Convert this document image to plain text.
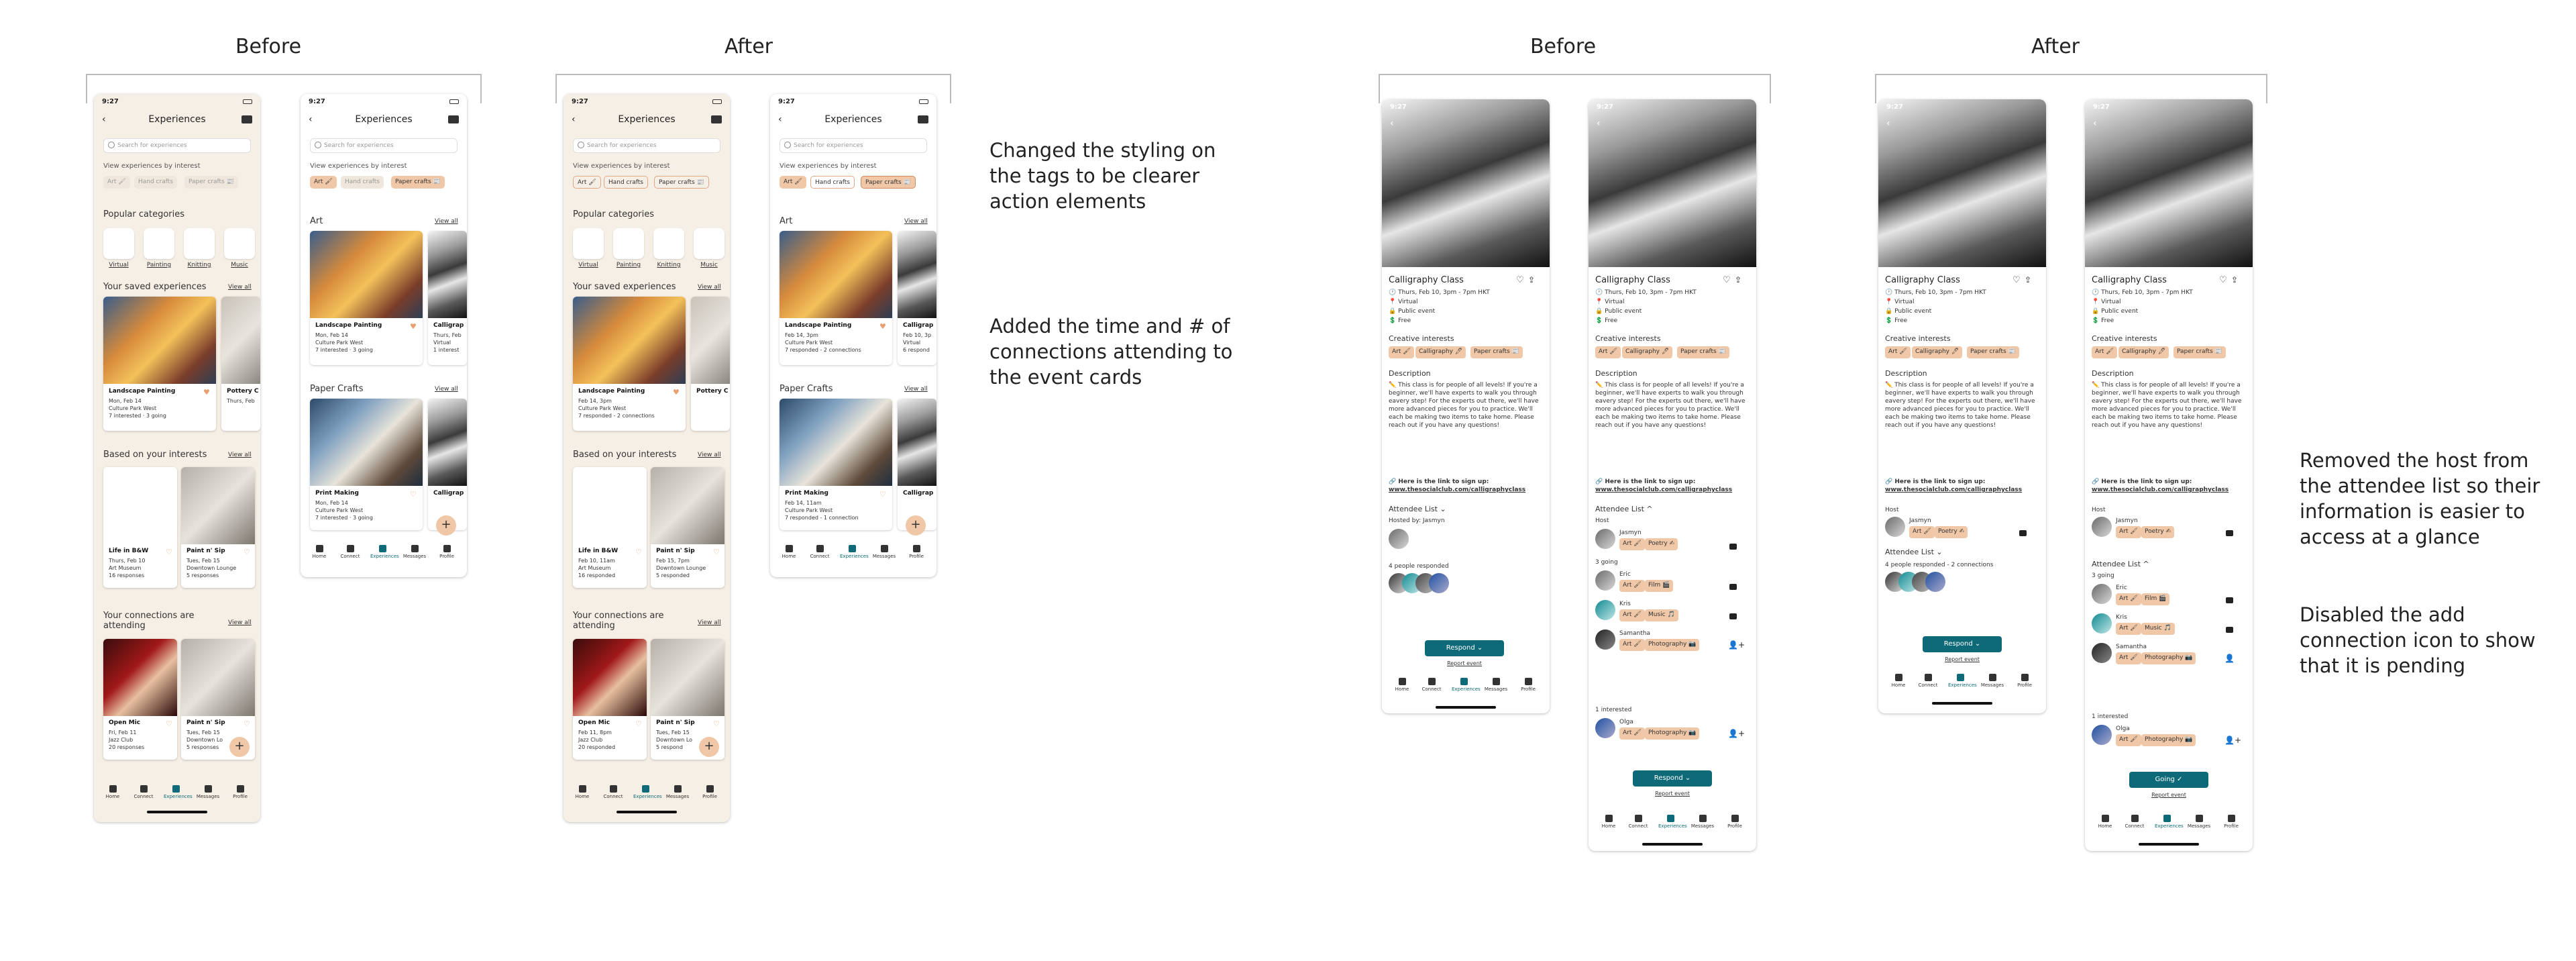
Before	After	Before	After
Changed the styling on the tags to be clearer action elements
Added the time and # of connections attending to the event cards
Removed the host from the attendee list so their information is easier to access at a glance
Disabled the add connection icon to show that it is pending
9:27
‹	Experiences
Search for experiences
View experiences by interest
Art 🖌	Hand crafts	Paper crafts 📰
Popular categories
Virtual	Painting	Knitting	Music
Your saved experiences	View all
Landscape Painting
Mon, Feb 14
Culture Park West
7 interested · 3 going
♥	Pottery C
Thurs, Feb
Based on your interests	View all
Life in B&W
Thurs, Feb 10
Art Museum
16 responses
♡ Paint n' Sip
Tues, Feb 15
Downtown Lounge
5 responses
♡
Your connections are attending	View all
Open Mic
Fri, Feb 11
Jazz Club
20 responses
♡ Paint n' Sip
Tues, Feb 15
Downtown Lo
5 responses
♡
+
Home	Connect	Experiences Messages	Profile
9:27
‹	Experiences
Search for experiences
View experiences by interest
Art 🖌	Hand crafts	Paper crafts 📰
Art	View all
Landscape Painting
Mon, Feb 14
Culture Park West
7 interested · 3 going
♥	Calligrap
Thurs, Feb
Virtual
1 interest
Paper Crafts	View all
Print Making
Mon, Feb 14
Culture Park West
7 interested · 3 going
♡	Calligrap
+
Home	Connect	Experiences Messages	Profile
9:27
‹	Experiences
Search for experiences
View experiences by interest
Art 🖌	Hand crafts	Paper crafts 📰
Popular categories
Virtual	Painting	Knitting	Music
Your saved experiences	View all
Landscape Painting
Feb 14, 3pm
Culture Park West
7 responded - 2 connections
♥	Pottery C
Based on your interests	View all
Life in B&W
Feb 10, 11am
Art Museum
16 responded
♡ Paint n' Sip
Feb 15, 7pm
Downtown Lounge
5 responded
♡
Your connections are attending	View all
Open Mic
Feb 11, 8pm
Jazz Club
20 responded
♡ Paint n' Sip
Tues, Feb 15
Downtown Lo
5 respond
♡
+
Home	Connect	Experiences Messages	Profile
9:27
‹	Experiences
Search for experiences
View experiences by interest
Art 🖌	Hand crafts	Paper crafts 📰
Art	View all
Landscape Painting
Feb 14, 3pm
Culture Park West
7 responded - 2 connections
♥	Calligrap
Feb 10, 3p
Virtual
6 respond
Paper Crafts	View all
Print Making
Feb 14, 11am
Culture Park West
7 responded - 1 connection
♡	Calligrap
+
Home	Connect	Experiences Messages	Profile
9:27
‹
Calligraphy Class	♡ ⇪
🕐 Thurs, Feb 10, 3pm - 7pm HKT
📍 Virtual
🔒 Public event
💲 Free
Creative interests
Art 🖌	Calligraphy 🖊	Paper crafts 📰
Description
✏️ This class is for people of all levels! If you're a beginner, we'll have experts to walk you through eavery step! For the experts out there, we'll have more advanced pieces for you to practice. We'll each be making two items to take home. Please reach out if you have any questions!
🔗 Here is the link to sign up:
www.thesocialclub.com/calligraphyclass
Attendee List ⌄
Hosted by: Jasmyn
4 people responded
Respond ⌄
Report event
Home	Connect	Experiences Messages	Profile
9:27
‹
Calligraphy Class	♡ ⇪
🕐 Thurs, Feb 10, 3pm - 7pm HKT
📍 Virtual
🔒 Public event
💲 Free
Creative interests
Art 🖌	Calligraphy 🖊	Paper crafts 📰
Description
✏️ This class is for people of all levels! If you're a beginner, we'll have experts to walk you through eavery step! For the experts out there, we'll have more advanced pieces for you to practice. We'll each be making two items to take home. Please reach out if you have any questions!
🔗 Here is the link to sign up:
www.thesocialclub.com/calligraphyclass
Attendee List ^
Host
Jasmyn
Art 🖌	Poetry ✍
3 going
Eric
Art 🖌	Film 🎬
Kris
Art 🖌	Music 🎵
Samantha
Art 🖌	Photography 📷	👤+
1 interested
Olga
Art 🖌	Photography 📷	👤+
Respond ⌄
Report event
Home	Connect	Experiences Messages	Profile
9:27
‹
Calligraphy Class	♡ ⇪
🕐 Thurs, Feb 10, 3pm - 7pm HKT
📍 Virtual
🔒 Public event
💲 Free
Creative interests
Art 🖌	Calligraphy 🖊	Paper crafts 📰
Description
✏️ This class is for people of all levels! If you're a beginner, we'll have experts to walk you through eavery step! For the experts out there, we'll have more advanced pieces for you to practice. We'll each be making two items to take home. Please reach out if you have any questions!
🔗 Here is the link to sign up:
www.thesocialclub.com/calligraphyclass
Host
Jasmyn
Art 🖌	Poetry ✍
Attendee List ⌄
4 people responded - 2 connections
Respond ⌄
Report event
Home	Connect	Experiences Messages	Profile
9:27
‹
Calligraphy Class	♡ ⇪
🕐 Thurs, Feb 10, 3pm - 7pm HKT
📍 Virtual
🔒 Public event
💲 Free
Creative interests
Art 🖌	Calligraphy 🖊	Paper crafts 📰
Description
✏️ This class is for people of all levels! If you're a beginner, we'll have experts to walk you through eavery step! For the experts out there, we'll have more advanced pieces for you to practice. We'll each be making two items to take home. Please reach out if you have any questions!
🔗 Here is the link to sign up:
www.thesocialclub.com/calligraphyclass
Host
Jasmyn
Art 🖌	Poetry ✍
Attendee List ^
3 going
Eric
Art 🖌	Film 🎬
Kris
Art 🖌	Music 🎵
Samantha
Art 🖌	Photography 📷	👤
1 interested
Olga
Art 🖌	Photography 📷	👤+
Going ✓
Report event
Home	Connect	Experiences Messages	Profile
